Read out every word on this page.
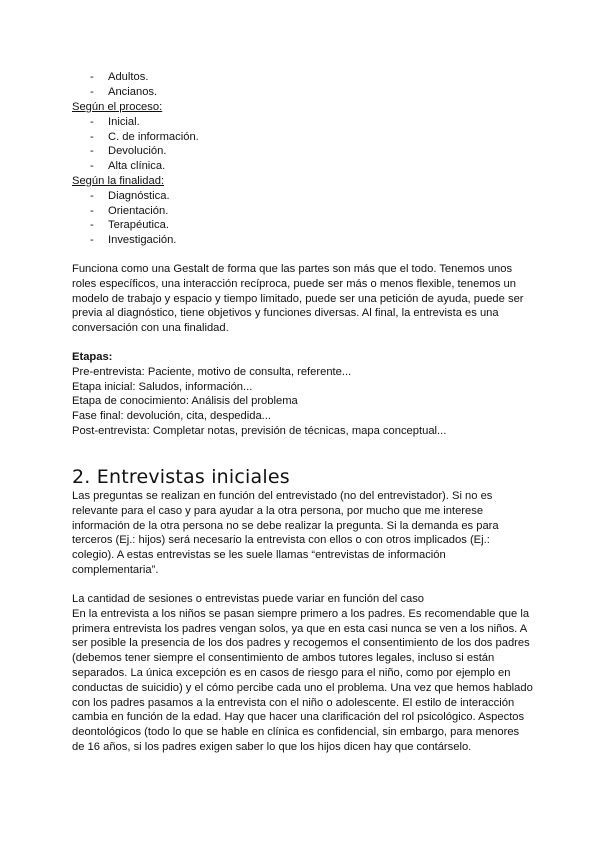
- Adultos.
- Ancianos.
Según el proceso:
- Inicial.
- C. de información.
- Devolución.
- Alta clínica.
Según la finalidad:
- Diagnóstica.
- Orientación.
- Terapéutica.
- Investigación.

Funciona como una Gestalt de forma que las partes son más que el todo. Tenemos unos roles específicos, una interacción recíproca, puede ser más o menos flexible, tenemos un modelo de trabajo y espacio y tiempo limitado, puede ser una petición de ayuda, puede ser previa al diagnóstico, tiene objetivos y funciones diversas. Al final, la entrevista es una conversación con una finalidad.

Etapas:
Pre-entrevista: Paciente, motivo de consulta, referente...
Etapa inicial: Saludos, información...
Etapa de conocimiento: Análisis del problema
Fase final: devolución, cita, despedida...
Post-entrevista: Completar notas, previsión de técnicas, mapa conceptual...
2. Entrevistas iniciales

Las preguntas se realizan en función del entrevistado (no del entrevistador). Si no es relevante para el caso y para ayudar a la otra persona, por mucho que me interese información de la otra persona no se debe realizar la pregunta. Si la demanda es para terceros (Ej.: hijos) será necesario la entrevista con ellos o con otros implicados (Ej.: colegio). A estas entrevistas se les suele llamas “entrevistas de información complementaria”.

La cantidad de sesiones o entrevistas puede variar en función del caso

En la entrevista a los niños se pasan siempre primero a los padres. Es recomendable que la primera entrevista los padres vengan solos, ya que en esta casi nunca se ven a los niños. A ser posible la presencia de los dos padres y recogemos el consentimiento de los dos padres (debemos tener siempre el consentimiento de ambos tutores legales, incluso si están separados. La única excepción es en casos de riesgo para el niño, como por ejemplo en conductas de suicidio) y el cómo percibe cada uno el problema. Una vez que hemos hablado con los padres pasamos a la entrevista con el niño o adolescente. El estilo de interacción cambia en función de la edad. Hay que hacer una clarificación del rol psicológico. Aspectos deontológicos (todo lo que se hable en clínica es confidencial, sin embargo, para menores de 16 años, si los padres exigen saber lo que los hijos dicen hay que contárselo.
